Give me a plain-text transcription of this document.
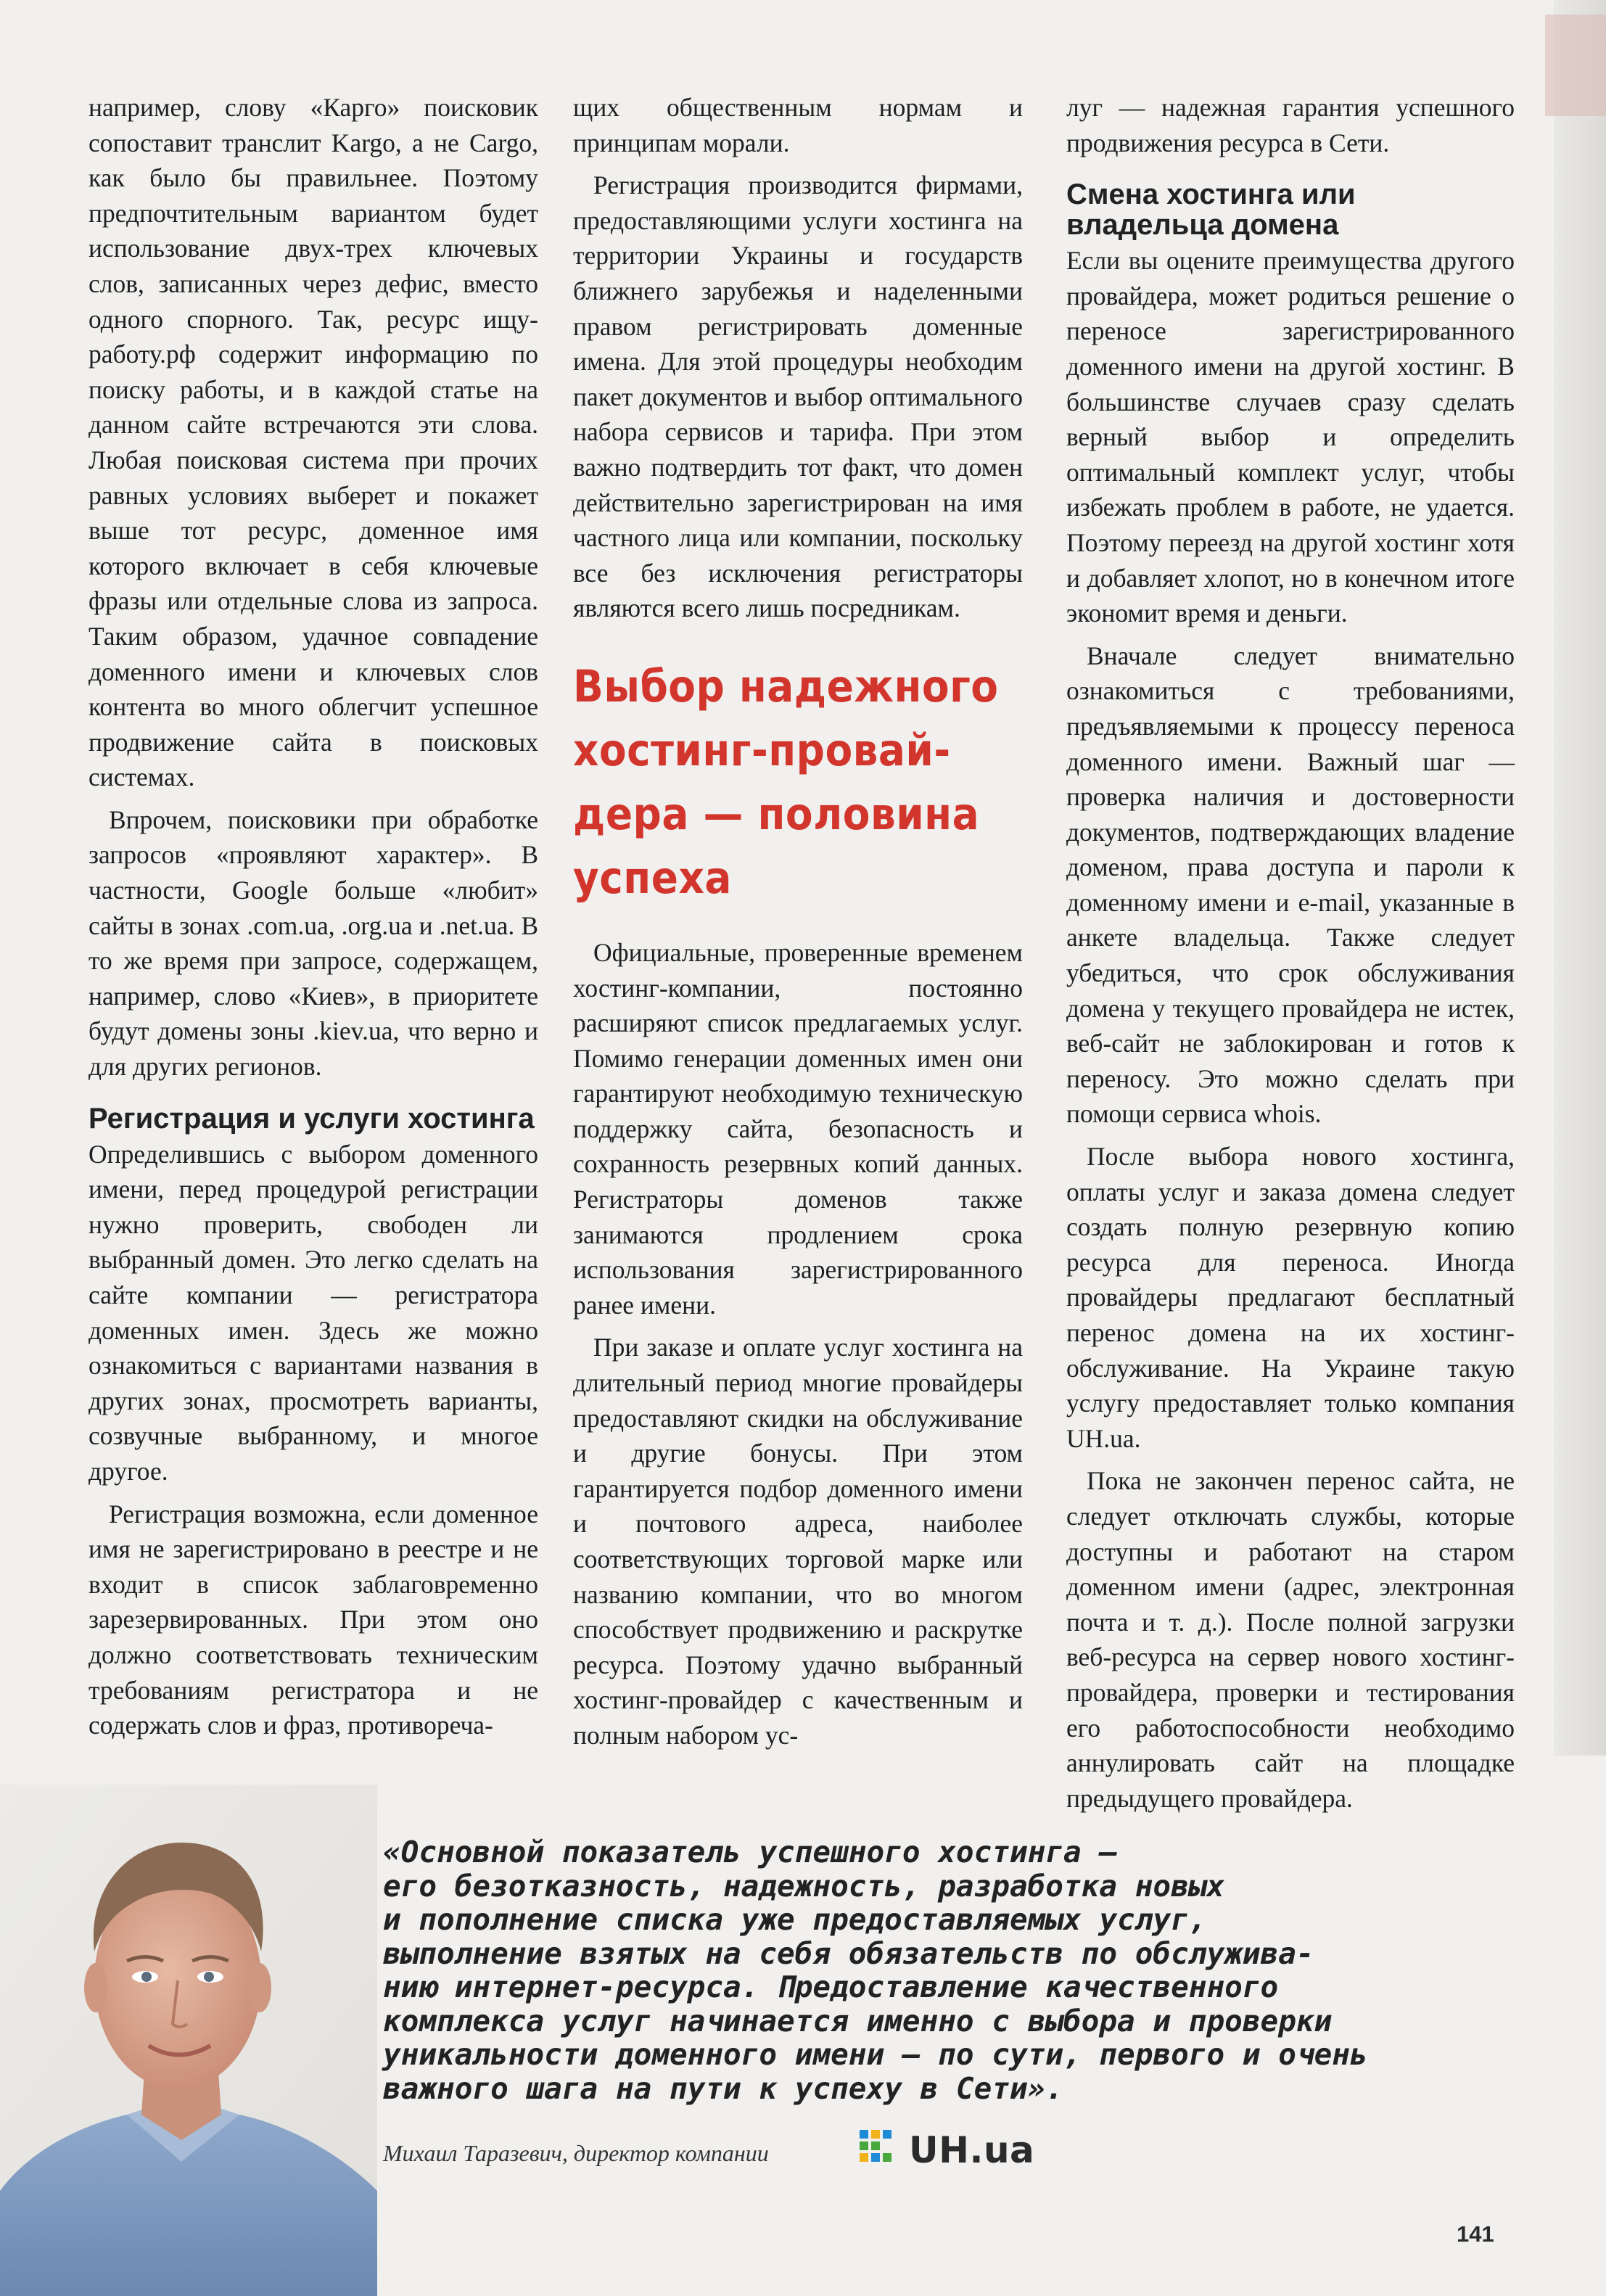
например, слову «Карго» поисковик сопоставит транслит Kargo, а не Cargo, как было бы правильнее. Поэтому предпочтительным вариантом будет использование двух-трех ключевых слов, записанных через дефис, вместо одного спорного. Так, ресурс ищу-работу.рф содержит информацию по поиску работы, и в каждой статье на данном сайте встречаются эти слова. Любая поисковая система при прочих равных условиях выберет и покажет выше тот ресурс, доменное имя которого включает в себя ключевые фразы или отдельные слова из запроса. Таким образом, удачное совпадение доменного имени и ключевых слов контента во много облегчит успешное продвижение сайта в поисковых системах.

Впрочем, поисковики при обработке запросов «проявляют характер». В частности, Google больше «любит» сайты в зонах .com.ua, .org.ua и .net.ua. В то же время при запросе, содержащем, например, слово «Киев», в приоритете будут домены зоны .kiev.ua, что верно и для других регионов.

Регистрация и услуги хостинга

Определившись с выбором доменного имени, перед процедурой регистрации нужно проверить, свободен ли выбранный домен. Это легко сделать на сайте компании — регистратора доменных имен. Здесь же можно ознакомиться с вариантами названия в других зонах, просмотреть варианты, созвучные выбранному, и многое другое.

Регистрация возможна, если доменное имя не зарегистрировано в реестре и не входит в список заблаговременно зарезервированных. При этом оно должно соответствовать техническим требованиям регистратора и не содержать слов и фраз, противореча-

щих общественным нормам и принципам морали.

Регистрация производится фирмами, предоставляющими услуги хостинга на территории Украины и государств ближнего зарубежья и наделенными правом регистрировать доменные имена. Для этой процедуры необходим пакет документов и выбор оптимального набора сервисов и тарифа. При этом важно подтвердить тот факт, что домен действительно зарегистрирован на имя частного лица или компании, поскольку все без исключения регистраторы являются всего лишь посредникам.

Выбор надежного хостинг-провай-дера — половина успеха

Официальные, проверенные временем хостинг-компании, постоянно расширяют список предлагаемых услуг. Помимо генерации доменных имен они гарантируют необходимую техническую поддержку сайта, безопасность и сохранность резервных копий данных. Регистраторы доменов также занимаются продлением срока использования зарегистрированного ранее имени.

При заказе и оплате услуг хостинга на длительный период многие провайдеры предоставляют скидки на обслуживание и другие бонусы. При этом гарантируется подбор доменного имени и почтового адреса, наиболее соответствующих торговой марке или названию компании, что во многом способствует продвижению и раскрутке ресурса. Поэтому удачно выбранный хостинг-провайдер с качественным и полным набором ус-

луг — надежная гарантия успешного продвижения ресурса в Сети.

Смена хостинга или владельца домена

Если вы оцените преимущества другого провайдера, может родиться решение о переносе зарегистрированного доменного имени на другой хостинг. В большинстве случаев сразу сделать верный выбор и определить оптимальный комплект услуг, чтобы избежать проблем в работе, не удается. Поэтому переезд на другой хостинг хотя и добавляет хлопот, но в конечном итоге экономит время и деньги.

Вначале следует внимательно ознакомиться с требованиями, предъявляемыми к процессу переноса доменного имени. Важный шаг — проверка наличия и достоверности документов, подтверждающих владение доменом, права доступа и пароли к доменному имени и e-mail, указанные в анкете владельца. Также следует убедиться, что срок обслуживания домена у текущего провайдера не истек, веб-сайт не заблокирован и готов к переносу. Это можно сделать при помощи сервиса whois.

После выбора нового хостинга, оплаты услуг и заказа домена следует создать полную резервную копию ресурса для переноса. Иногда провайдеры предлагают бесплатный перенос домена на их хостинг-обслуживание. На Украине такую услугу предоставляет только компания UH.ua.

Пока не закончен перенос сайта, не следует отключать службы, которые доступны и работают на старом доменном имени (адрес, электронная почта и т. д.). После полной загрузки веб-ресурса на сервер нового хостинг-провайдера, проверки и тестирования его работоспособности необходимо аннулировать сайт на площадке предыдущего провайдера.

«Основной показатель успешного хостинга —
его безотказность, надежность, разработка новых
и пополнение списка уже предоставляемых услуг,
выполнение взятых на себя обязательств по обслужива-
нию интернет-ресурса. Предоставление качественного
комплекса услуг начинается именно с выбора и проверки
уникальности доменного имени — по сути, первого и очень
важного шага на пути к успеху в Сети».
Михаил Таразевич, директор компании	UH.ua
141
